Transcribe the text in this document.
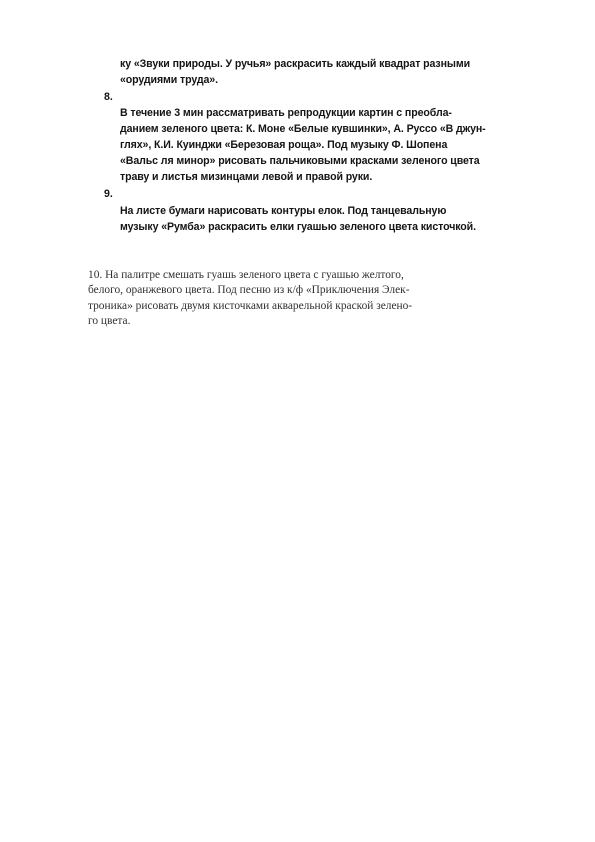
ку «Звуки природы. У ручья» раскрасить каждый квадрат разными
«орудиями труда».
8.
В течение 3 мин рассматривать репродукции картин с преобла-
данием зеленого цвета: К. Моне «Белые кувшинки», А. Руссо «В джун-
глях», К.И. Куинджи «Березовая роща». Под музыку Ф. Шопена
«Вальс ля минор» рисовать пальчиковыми красками зеленого цвета
траву и листья мизинцами левой и правой руки.
9.
На листе бумаги нарисовать контуры елок. Под танцевальную
музыку «Румба» раскрасить елки гуашью зеленого цвета кисточкой.
10. На палитре смешать гуашь зеленого цвета с гуашью желтого,
белого, оранжевого цвета. Под песню из к/ф «Приключения Элек-
троника» рисовать двумя кисточками акварельной краской зелено-
го цвета.
